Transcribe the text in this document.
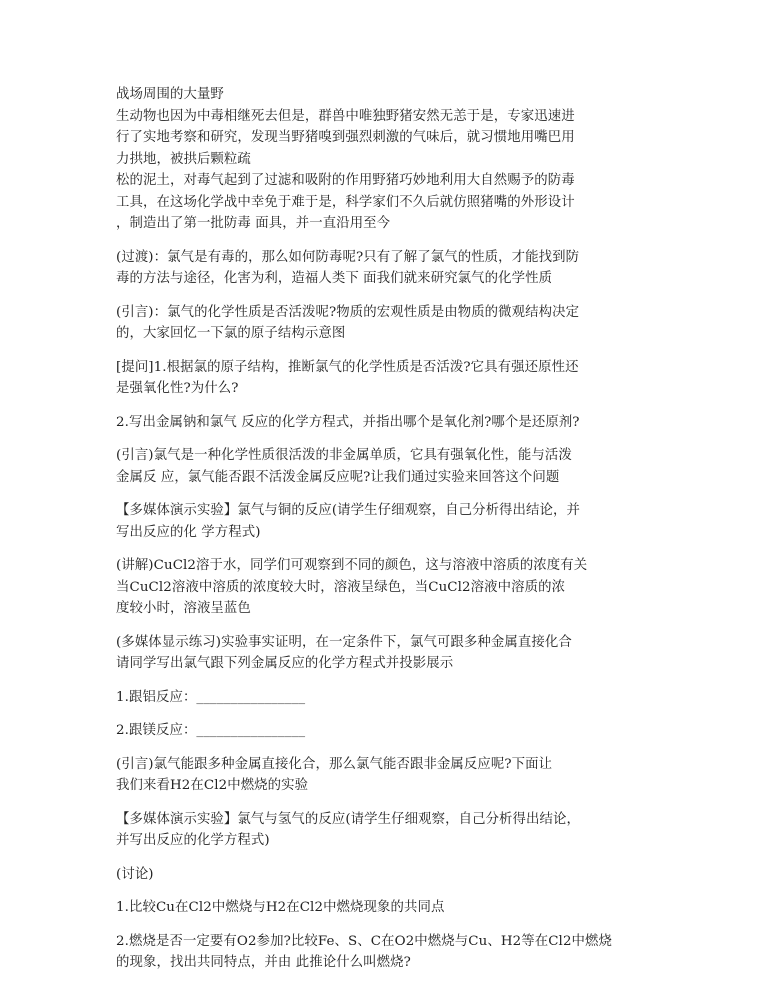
战场周围的大量野
生动物也因为中毒相继死去但是，群兽中唯独野猪安然无恙于是，专家迅速进
行了实地考察和研究，发现当野猪嗅到强烈刺激的气味后，就习惯地用嘴巴用
力拱地，被拱后颗粒疏
松的泥土，对毒气起到了过滤和吸附的作用野猪巧妙地利用大自然赐予的防毒
工具，在这场化学战中幸免于难于是，科学家们不久后就仿照猪嘴的外形设计
，制造出了第一批防毒 面具，并一直沿用至今
(过渡)：氯气是有毒的，那么如何防毒呢?只有了解了氯气的性质，才能找到防
毒的方法与途径，化害为利，造福人类下 面我们就来研究氯气的化学性质
(引言)：氯气的化学性质是否活泼呢?物质的宏观性质是由物质的微观结构决定
的，大家回忆一下氯的原子结构示意图
[提问]1.根据氯的原子结构，推断氯气的化学性质是否活泼?它具有强还原性还
是强氧化性?为什么?
2.写出金属钠和氯气 反应的化学方程式，并指出哪个是氧化剂?哪个是还原剂?
(引言)氯气是一种化学性质很活泼的非金属单质，它具有强氧化性，能与活泼
金属反 应，氯气能否跟不活泼金属反应呢?让我们通过实验来回答这个问题
【多媒体演示实验】氯气与铜的反应(请学生仔细观察，自己分析得出结论，并
写出反应的化 学方程式)
(讲解)CuCl2溶于水，同学们可观察到不同的颜色，这与溶液中溶质的浓度有关
当CuCl2溶液中溶质的浓度较大时，溶液呈绿色，当CuCl2溶液中溶质的浓
度较小时，溶液呈蓝色
(多媒体显示练习)实验事实证明，在一定条件下，氯气可跟多种金属直接化合
请同学写出氯气跟下列金属反应的化学方程式并投影展示
1.跟铝反应：________________
2.跟镁反应：________________
(引言)氯气能跟多种金属直接化合，那么氯气能否跟非金属反应呢?下面让
我们来看H2在Cl2中燃烧的实验
【多媒体演示实验】氯气与氢气的反应(请学生仔细观察，自己分析得出结论，
并写出反应的化学方程式)
(讨论)
1.比较Cu在Cl2中燃烧与H2在Cl2中燃烧现象的共同点
2.燃烧是否一定要有O2参加?比较Fe、S、C在O2中燃烧与Cu、H2等在Cl2中燃烧
的现象，找出共同特点，并由 此推论什么叫燃烧?
